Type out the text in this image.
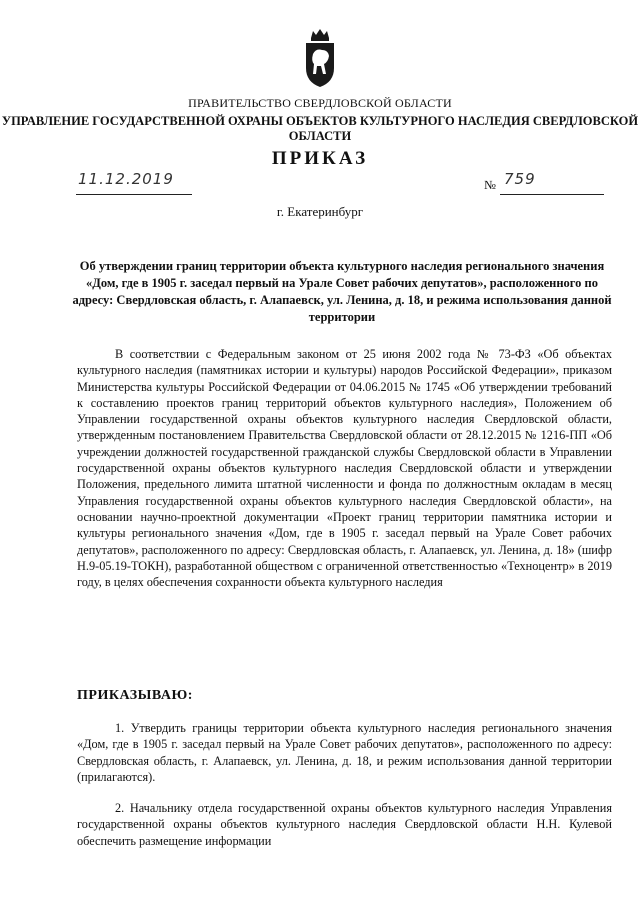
ПРАВИТЕЛЬСТВО СВЕРДЛОВСКОЙ ОБЛАСТИ
УПРАВЛЕНИЕ ГОСУДАРСТВЕННОЙ ОХРАНЫ ОБЪЕКТОВ КУЛЬТУРНОГО НАСЛЕДИЯ СВЕРДЛОВСКОЙ ОБЛАСТИ
ПРИКАЗ
11.12.2019	№ 759
г. Екатеринбург
Об утверждении границ территории объекта культурного наследия регионального значения «Дом, где в 1905 г. заседал первый на Урале Совет рабочих депутатов», расположенного по адресу: Свердловская область, г. Алапаевск, ул. Ленина, д. 18, и режима использования данной территории
В соответствии с Федеральным законом от 25 июня 2002 года № 73-ФЗ «Об объектах культурного наследия (памятниках истории и культуры) народов Российской Федерации», приказом Министерства культуры Российской Федерации от 04.06.2015 № 1745 «Об утверждении требований к составлению проектов границ территорий объектов культурного наследия», Положением об Управлении государственной охраны объектов культурного наследия Свердловской области, утвержденным постановлением Правительства Свердловской области от 28.12.2015 № 1216-ПП «Об учреждении должностей государственной гражданской службы Свердловской области в Управлении государственной охраны объектов культурного наследия Свердловской области и утверждении Положения, предельного лимита штатной численности и фонда по должностным окладам в месяц Управления государственной охраны объектов культурного наследия Свердловской области», на основании научно-проектной документации «Проект границ территории памятника истории и культуры регионального значения «Дом, где в 1905 г. заседал первый на Урале Совет рабочих депутатов», расположенного по адресу: Свердловская область, г. Алапаевск, ул. Ленина, д. 18» (шифр Н.9-05.19-ТОКН), разработанной обществом с ограниченной ответственностью «Техноцентр» в 2019 году, в целях обеспечения сохранности объекта культурного наследия
ПРИКАЗЫВАЮ:
1. Утвердить границы территории объекта культурного наследия регионального значения «Дом, где в 1905 г. заседал первый на Урале Совет рабочих депутатов», расположенного по адресу: Свердловская область, г. Алапаевск, ул. Ленина, д. 18, и режим использования данной территории (прилагаются).
2. Начальнику отдела государственной охраны объектов культурного наследия Управления государственной охраны объектов культурного наследия Свердловской области Н.Н. Кулевой обеспечить размещение информации
